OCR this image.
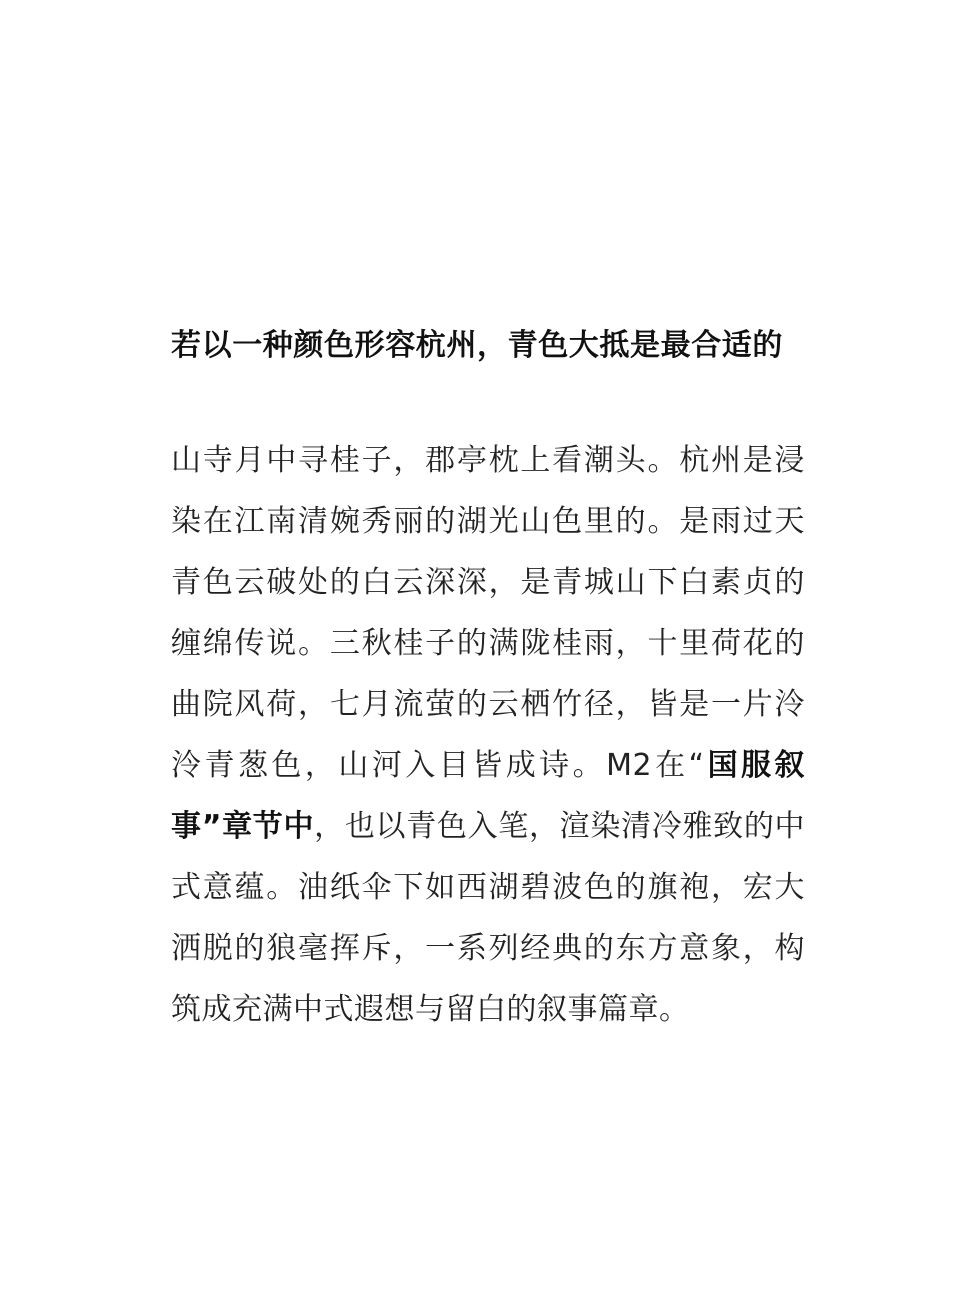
若以一种颜色形容杭州，青色大抵是最合适的

山寺月中寻桂子，郡亭枕上看潮头。杭州是浸染在江南清婉秀丽的湖光山色里的。是雨过天青色云破处的白云深深，是青城山下白素贞的缠绵传说。三秋桂子的满陇桂雨，十里荷花的曲院风荷，七月流萤的云栖竹径，皆是一片泠泠青葱色，山河入目皆成诗。M2在“国服叙事”章节中，也以青色入笔，渲染清冷雅致的中式意蕴。油纸伞下如西湖碧波色的旗袍，宏大洒脱的狼毫挥斥，一系列经典的东方意象，构筑成充满中式遐想与留白的叙事篇章。
